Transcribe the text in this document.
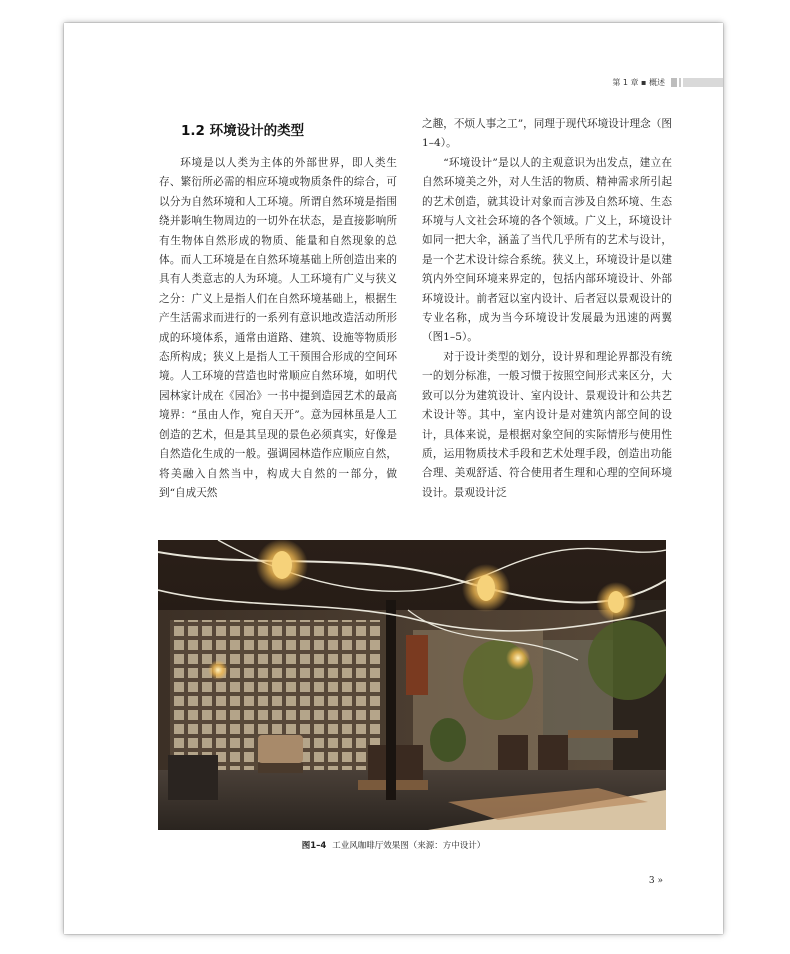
第 1 章 ▪ 概述
1.2 环境设计的类型

环境是以人类为主体的外部世界，即人类生存、繁衍所必需的相应环境或物质条件的综合，可以分为自然环境和人工环境。所谓自然环境是指围绕并影响生物周边的一切外在状态，是直接影响所有生物体自然形成的物质、能量和自然现象的总体。而人工环境是在自然环境基础上所创造出来的具有人类意志的人为环境。人工环境有广义与狭义之分：广义上是指人们在自然环境基础上，根据生产生活需求而进行的一系列有意识地改造活动所形成的环境体系，通常由道路、建筑、设施等物质形态所构成；狭义上是指人工干预围合形成的空间环境。人工环境的营造也时常顺应自然环境，如明代园林家计成在《园冶》一书中提到造园艺术的最高境界：“虽由人作，宛自天开”。意为园林虽是人工创造的艺术，但是其呈现的景色必须真实，好像是自然造化生成的一般。强调园林造作应顺应自然，将美融入自然当中，构成大自然的一部分，做到“自成天然

之趣，不烦人事之工”，同理于现代环境设计理念（图1–4）。

“环境设计”是以人的主观意识为出发点，建立在自然环境美之外，对人生活的物质、精神需求所引起的艺术创造，就其设计对象而言涉及自然环境、生态环境与人文社会环境的各个领域。广义上，环境设计如同一把大伞，涵盖了当代几乎所有的艺术与设计，是一个艺术设计综合系统。狭义上，环境设计是以建筑内外空间环境来界定的，包括内部环境设计、外部环境设计。前者冠以室内设计、后者冠以景观设计的专业名称，成为当今环境设计发展最为迅速的两翼（图1–5）。

对于设计类型的划分，设计界和理论界都没有统一的划分标准，一般习惯于按照空间形式来区分，大致可以分为建筑设计、室内设计、景观设计和公共艺术设计等。其中，室内设计是对建筑内部空间的设计，具体来说，是根据对象空间的实际情形与使用性质，运用物质技术手段和艺术处理手段，创造出功能合理、美观舒适、符合使用者生理和心理的空间环境设计。景观设计泛

图1–4 工业风咖啡厅效果图（来源：方中设计）
3 »
